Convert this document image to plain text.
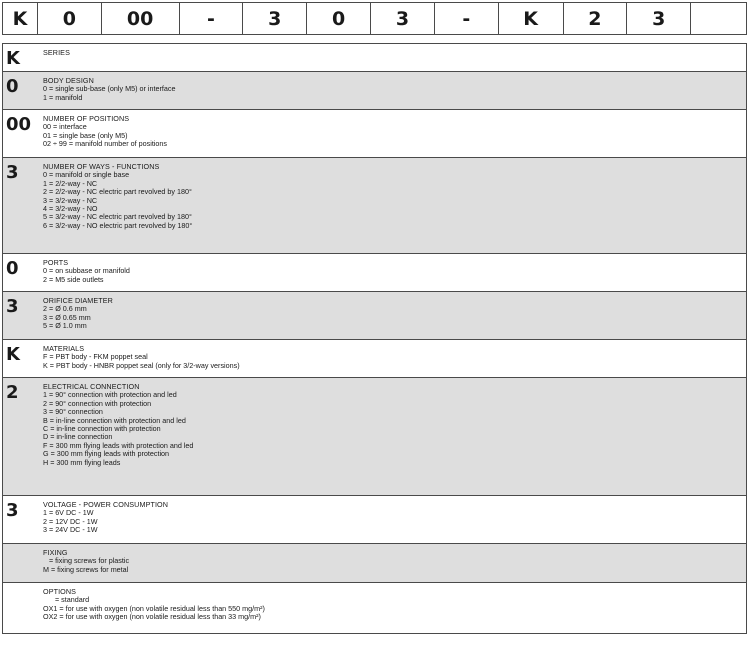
K	0	00	-	3	0	3	-	K	2	3
K	SERIES
0	BODY DESIGN
0 = single sub-base (only M5) or interface
1 = manifold
00	NUMBER OF POSITIONS
00 = interface
01 = single base (only M5)
02 ÷ 99 = manifold number of positions
3	NUMBER OF WAYS - FUNCTIONS
0 = manifold or single base
1 = 2/2-way - NC
2 = 2/2-way - NC electric part revolved by 180°
3 = 3/2-way - NC
4 = 3/2-way - NO
5 = 3/2-way - NC electric part revolved by 180°
6 = 3/2-way - NO electric part revolved by 180°
0	PORTS
0 = on subbase or manifold
2 = M5 side outlets
3	ORIFICE DIAMETER
2 = Ø 0.6 mm
3 = Ø 0.65 mm
5 = Ø 1.0 mm
K	MATERIALS
F = PBT body - FKM poppet seal
K = PBT body - HNBR poppet seal (only for 3/2-way versions)
2	ELECTRICAL CONNECTION
1 = 90° connection with protection and led
2 = 90° connection with protection
3 = 90° connection
B = in-line connection with protection and led
C = in-line connection with protection
D = in-line connection
F = 300 mm flying leads with protection and led
G = 300 mm flying leads with protection
H = 300 mm flying leads
3	VOLTAGE - POWER CONSUMPTION
1 = 6V DC - 1W
2 = 12V DC - 1W
3 = 24V DC - 1W
FIXING
= fixing screws for plastic
M = fixing screws for metal
OPTIONS
= standard
OX1 = for use with oxygen (non volatile residual less than 550 mg/m²)
OX2 = for use with oxygen (non volatile residual less than 33 mg/m²)
